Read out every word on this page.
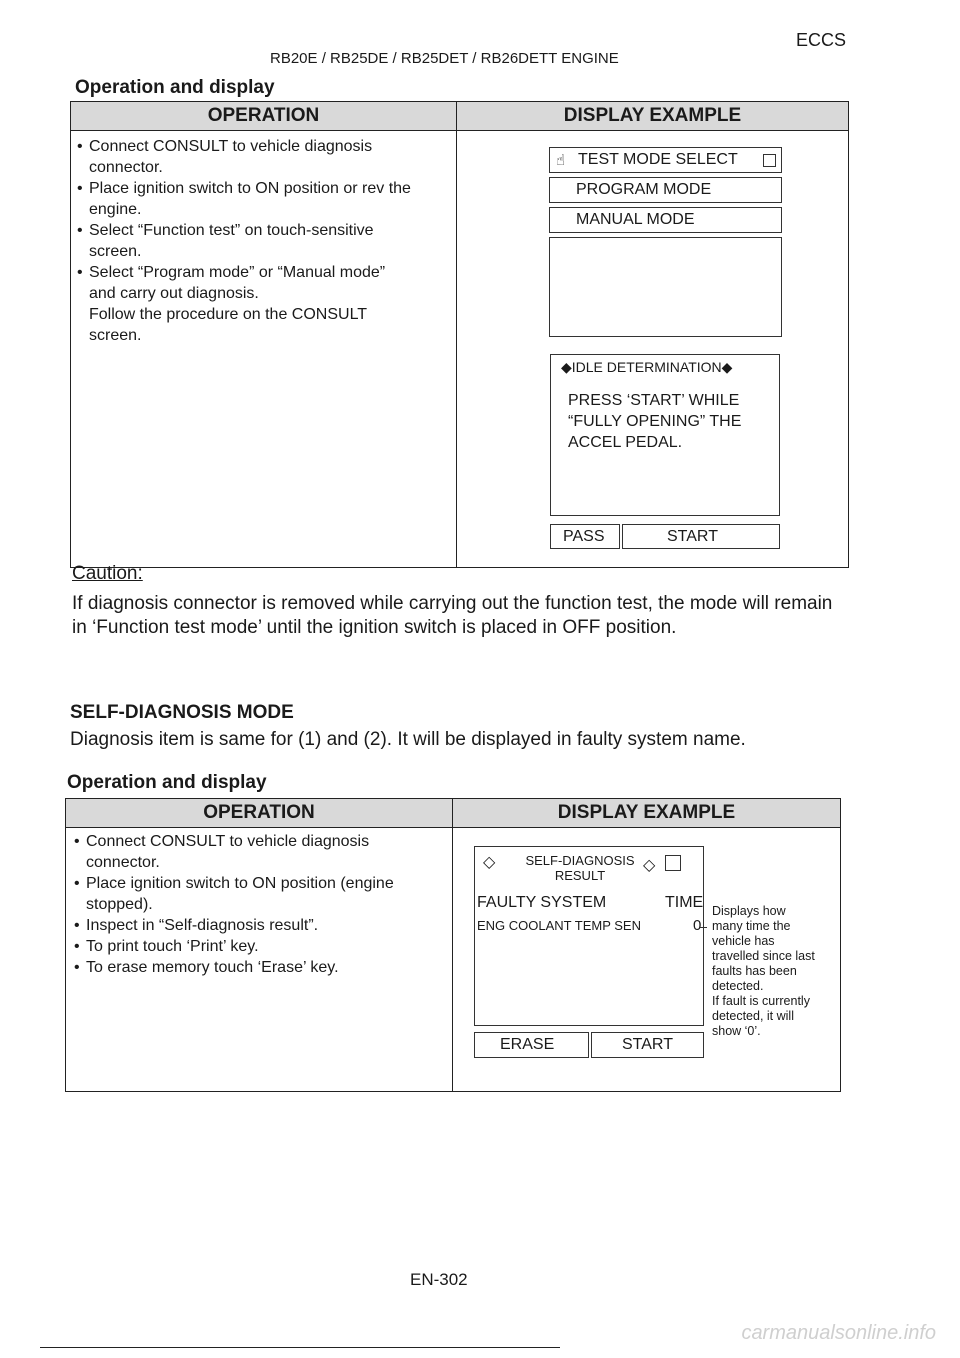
ECCS
RB20E / RB25DE / RB25DET / RB26DETT ENGINE
Operation and display
OPERATION	DISPLAY EXAMPLE
• Connect CONSULT to vehicle diagnosis
connector.
• Place ignition switch to ON position or rev the
engine.
• Select “Function test” on touch-sensitive
screen.
• Select “Program mode” or “Manual mode”
and carry out diagnosis.
Follow the procedure on the CONSULT
screen.
☝ TEST MODE SELECT
PROGRAM MODE
MANUAL MODE
◆IDLE DETERMINATION◆
PRESS ‘START’ WHILE
“FULLY OPENING” THE
ACCEL PEDAL.
PASS	START
Caution:
If diagnosis connector is removed while carrying out the function test, the mode will remain
in ‘Function test mode’ until the ignition switch is placed in OFF position.
SELF-DIAGNOSIS MODE
Diagnosis item is same for (1) and (2). It will be displayed in faulty system name.
Operation and display
OPERATION	DISPLAY EXAMPLE
• Connect CONSULT to vehicle diagnosis
connector.
• Place ignition switch to ON position (engine
stopped).
• Inspect in “Self-diagnosis result”.
• To print touch ‘Print’ key.
• To erase memory touch ‘Erase’ key.
◇ SELF-DIAGNOSIS
RESULT
◇
FAULTY SYSTEM	TIME
ENG COOLANT TEMP SEN	0
ERASE	START
Displays how
many time the
vehicle has
travelled since last
faults has been
detected.
If fault is currently
detected, it will
show ‘0’.
EN-302
carmanualsonline.info
